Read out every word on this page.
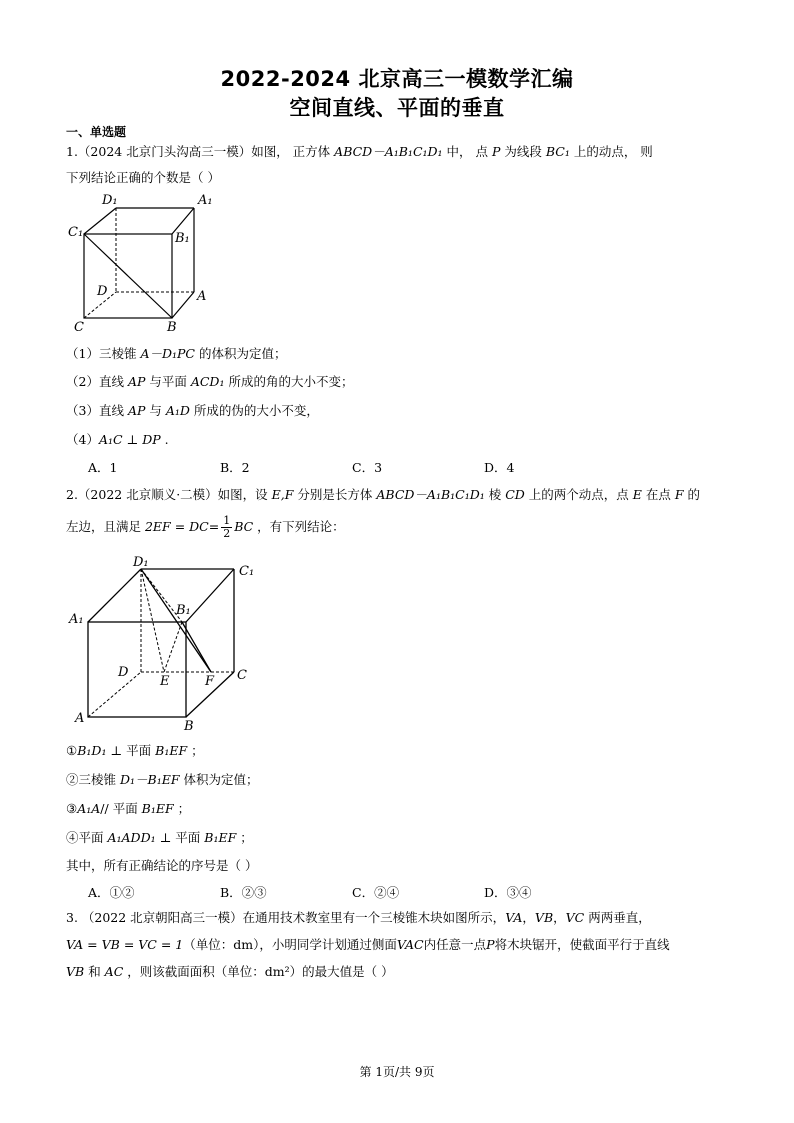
2022-2024 北京高三一模数学汇编
空间直线、平面的垂直
一、单选题
1.（2024 北京门头沟高三一模）如图， 正方体 ABCD－A₁B₁C₁D₁ 中， 点 P 为线段 BC₁ 上的动点， 则
下列结论正确的个数是（ ）
D₁	A₁
C₁	B₁
D	A
C	B
（1）三棱锥 A－D₁PC 的体积为定值；
（2）直线 AP 与平面 ACD₁ 所成的角的大小不变；
（3）直线 AP 与 A₁D 所成的伪的大小不变，
（4）A₁C ⊥ DP .
A．1	B．2	C．3	D．4
2.（2022 北京顺义·二模）如图，设 E,F 分别是长方体 ABCD－A₁B₁C₁D₁ 棱 CD 上的两个动点，点 E 在点 F 的
左边，且满足 $2EF = DC= \frac{1}{2}$ BC ，有下列结论：
D₁
C₁
B₁
A₁
D
E	F C
A
B
①B₁D₁ ⊥ 平面 B₁EF ；
②三棱锥 D₁－B₁EF 体积为定值；
③A₁A// 平面 B₁EF ；
④平面 A₁ADD₁ ⊥ 平面 B₁EF ；
其中，所有正确结论的序号是（ ）
A．①②	B．②③	C．②④	D．③④
3. （2022 北京朝阳高三一模）在通用技术教室里有一个三棱锥木块如图所示，VA，VB，VC 两两垂直，
VA = VB = VC = 1（单位：dm），小明同学计划通过侧面VAC内任意一点P将木块锯开，使截面平行于直线
VB 和 AC ，则该截面面积（单位：dm²）的最大值是（ ）
第 1页/共 9页
